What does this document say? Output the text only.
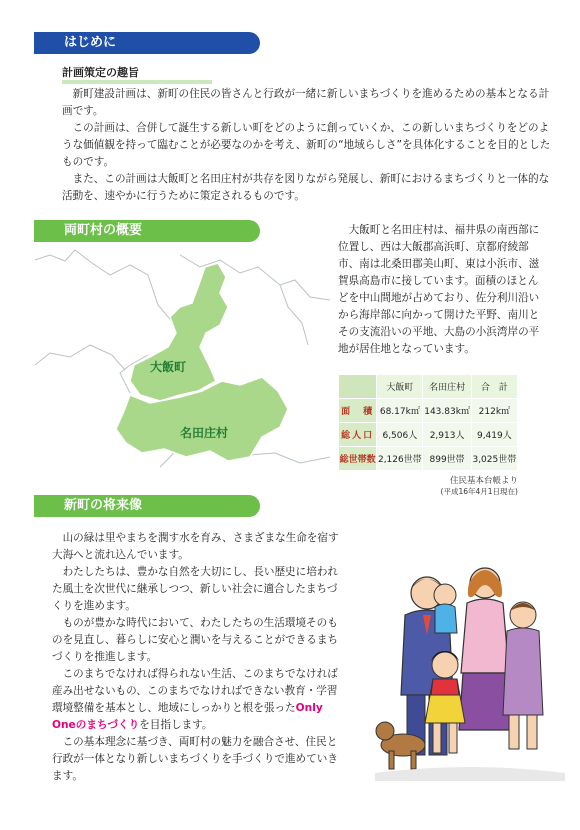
はじめに
計画策定の趣旨

新町建設計画は、新町の住民の皆さんと行政が一緒に新しいまちづくりを進めるための基本となる計画です。

この計画は、合併して誕生する新しい町をどのように創っていくか、この新しいまちづくりをどのような価値観を持って臨むことが必要なのかを考え、新町の“地域らしさ”を具体化することを目的としたものです。

また、この計画は大飯町と名田庄村が共存を図りながら発展し、新町におけるまちづくりと一体的な活動を、速やかに行うために策定されるものです。

両町村の概要
大飯町
名田庄村

大飯町と名田庄村は、福井県の南西部に位置し、西は大飯郡高浜町、京都府綾部市、南は北桑田郡美山町、東は小浜市、滋賀県高島市に接しています。面積のほとんどを中山間地が占めており、佐分利川沿いから海岸部に向かって開けた平野、南川とその支流沿いの平地、大島の小浜湾岸の平地が居住地となっています。

	大飯町	名田庄村	合　計
面　積	68.17k㎡	143.83k㎡	212k㎡
総人口	6,506人	2,913人	9,419人
総世帯数	2,126世帯	899世帯	3,025世帯
住民基本台帳より
(平成16年4月1日現在)
新町の将来像

山の緑は里やまちを潤す水を育み、さまざまな生命を宿す大海へと流れ込んでいます。

わたしたちは、豊かな自然を大切にし、長い歴史に培われた風土を次世代に継承しつつ、新しい社会に適合したまちづくりを進めます。

ものが豊かな時代において、わたしたちの生活環境そのものを見直し、暮らしに安心と潤いを与えることができるまちづくりを推進します。

このまちでなければ得られない生活、このまちでなければ産み出せないもの、このまちでなければできない教育・学習環境整備を基本とし、地域にしっかりと根を張ったOnly Oneのまちづくりを目指します。

この基本理念に基づき、両町村の魅力を融合させ、住民と行政が一体となり新しいまちづくりを手づくりで進めていきます。
